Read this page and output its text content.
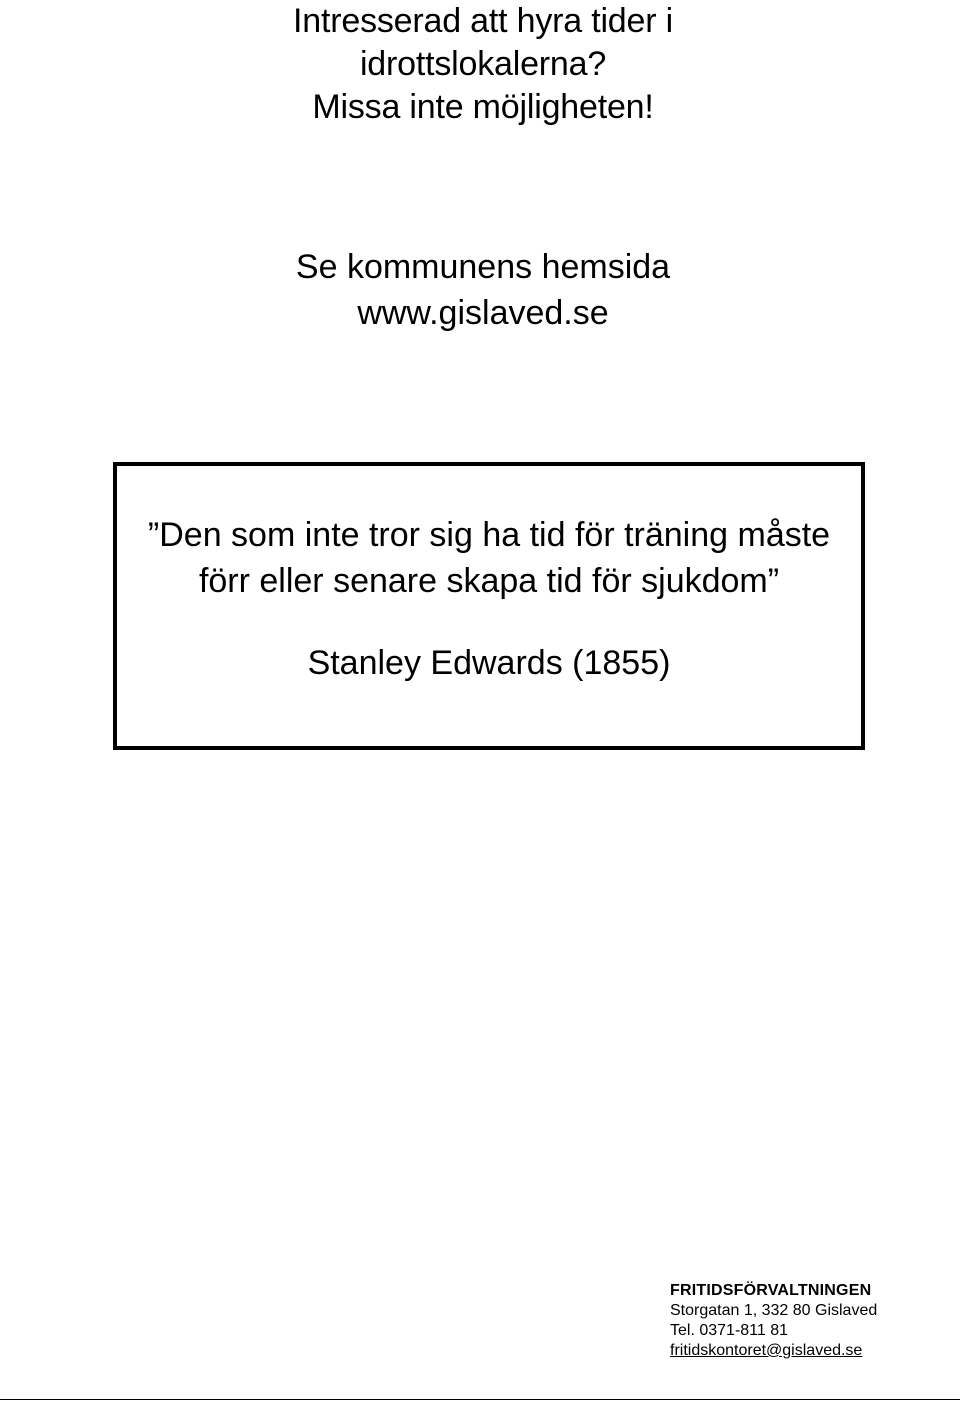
Intresserad att hyra tider i
idrottslokalerna?
Missa inte möjligheten!
Se kommunens hemsida
www.gislaved.se
”Den som inte tror sig ha tid för träning måste
förr eller senare skapa tid för sjukdom”
Stanley Edwards (1855)
FRITIDSFÖRVALTNINGEN
Storgatan 1, 332 80 Gislaved
Tel. 0371-811 81
fritidskontoret@gislaved.se
